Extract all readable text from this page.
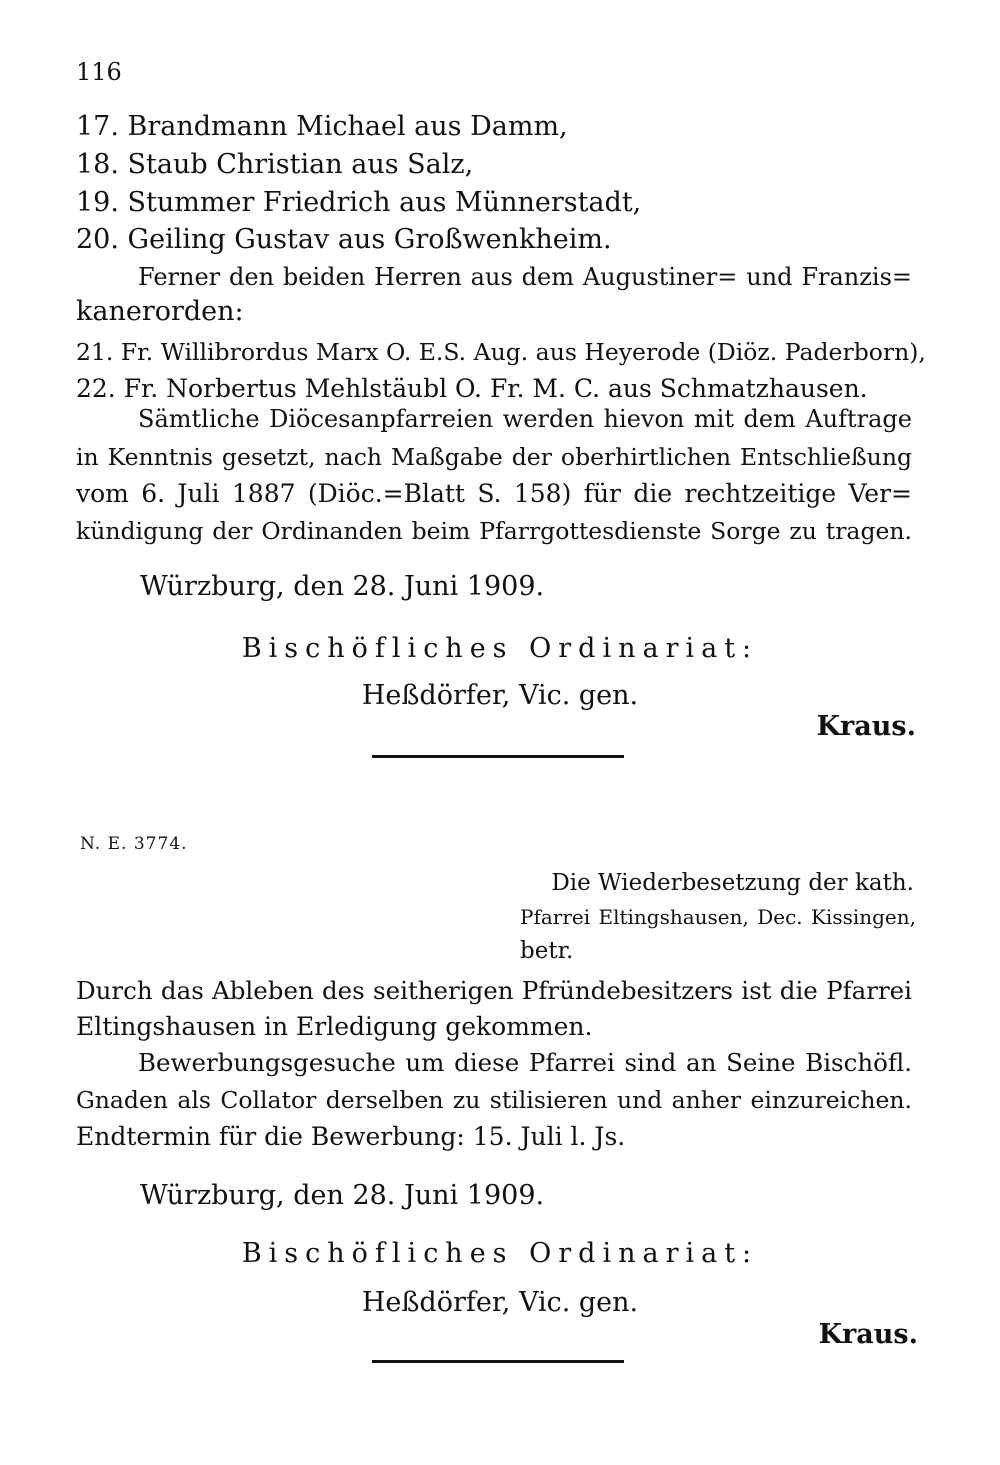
116
17. Brandmann Michael aus Damm,
18. Staub Christian aus Salz,
19. Stummer Friedrich aus Münnerstadt,
20. Geiling Gustav aus Großwenkheim.
Ferner den beiden Herren aus dem Augustiner= und Franzis=
kanerorden:
21. Fr. Willibrordus Marx O. E.S. Aug. aus Heyerode (Diöz. Paderborn),
22. Fr. Norbertus Mehlstäubl O. Fr. M. C. aus Schmatzhausen.
Sämtliche Diöcesanpfarreien werden hievon mit dem Auftrage
in Kenntnis gesetzt, nach Maßgabe der oberhirtlichen Entschließung
vom 6. Juli 1887 (Diöc.=Blatt S. 158) für die rechtzeitige Ver=
kündigung der Ordinanden beim Pfarrgottesdienste Sorge zu tragen.
Würzburg, den 28. Juni 1909.
Bischöfliches Ordinariat:
Heßdörfer, Vic. gen.
Kraus.
N. E. 3774.
Die Wiederbesetzung der kath.
Pfarrei Eltingshausen, Dec. Kissingen,
betr.
Durch das Ableben des seitherigen Pfründebesitzers ist die Pfarrei
Eltingshausen in Erledigung gekommen.
Bewerbungsgesuche um diese Pfarrei sind an Seine Bischöfl.
Gnaden als Collator derselben zu stilisieren und anher einzureichen.
Endtermin für die Bewerbung: 15. Juli l. Js.
Würzburg, den 28. Juni 1909.
Bischöfliches Ordinariat:
Heßdörfer, Vic. gen.
Kraus.
